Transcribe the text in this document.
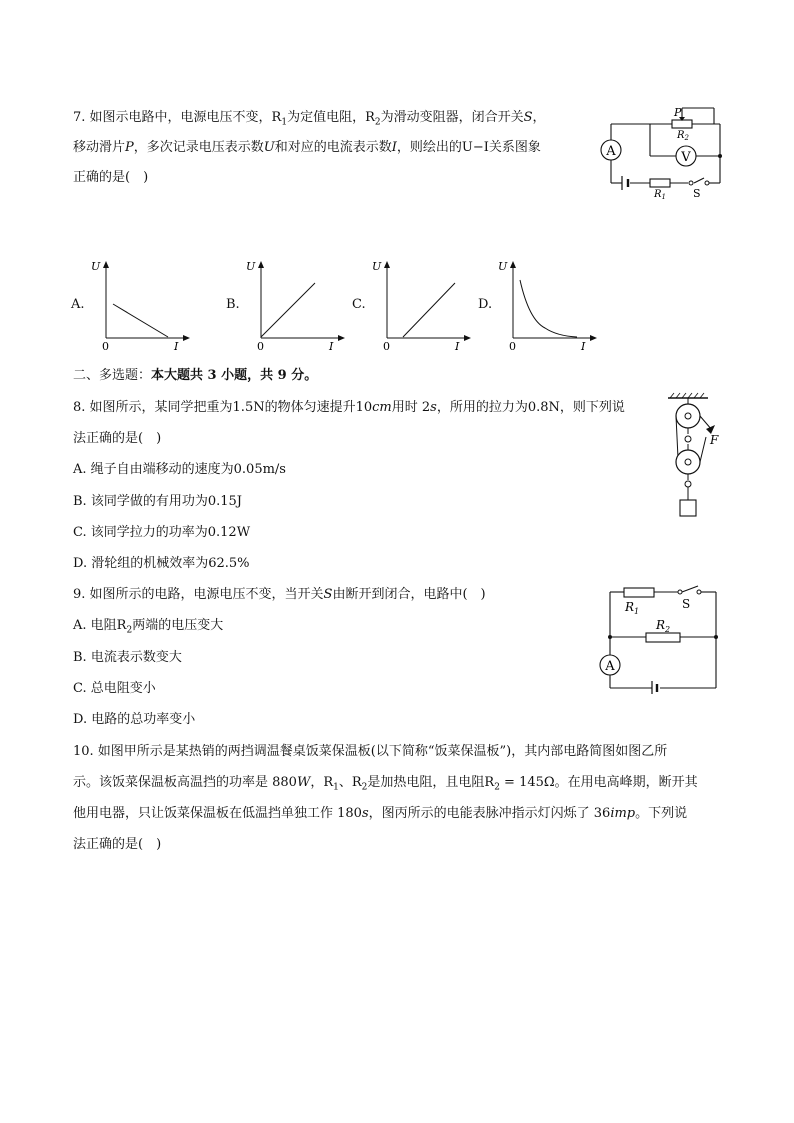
7. 如图示电路中，电源电压不变，$R_1$为定值电阻，$R_2$为滑动变阻器，闭合开关S，
移动滑片P，多次记录电压表示数U和对应的电流表示数I，则绘出的U−I关系图象
正确的是(　)
A	V
P
$R_2$
$R_1$ S
A.
U
0	I
B.
U
0	I
C.
U
0	I
D.
U
0	I
二、多选题：本大题共 3 小题，共 9 分。
8. 如图所示，某同学把重为1.5N的物体匀速提升10cm用时 2s，所用的拉力为0.8N，则下列说
法正确的是(　)
A. 绳子自由端移动的速度为0.05m/s
B. 该同学做的有用功为0.15J
C. 该同学拉力的功率为0.12W
D. 滑轮组的机械效率为62.5%
F
9. 如图所示的电路，电源电压不变，当开关S由断开到闭合，电路中(　)
A. 电阻$R_2$两端的电压变大
B. 电流表示数变大
C. 总电阻变小
D. 电路的总功率变小
A
$R_1$
$R_2$
S
10. 如图甲所示是某热销的两挡调温餐桌饭菜保温板(以下简称“饭菜保温板”)，其内部电路简图如图乙所
示。该饭菜保温板高温挡的功率是 880W，$R_1$、$R_2$是加热电阻，且电阻$R_2 = 145\Omega$。在用电高峰期，断开其
他用电器，只让饭菜保温板在低温挡单独工作 180s，图丙所示的电能表脉冲指示灯闪烁了 36imp。下列说
法正确的是(　)
